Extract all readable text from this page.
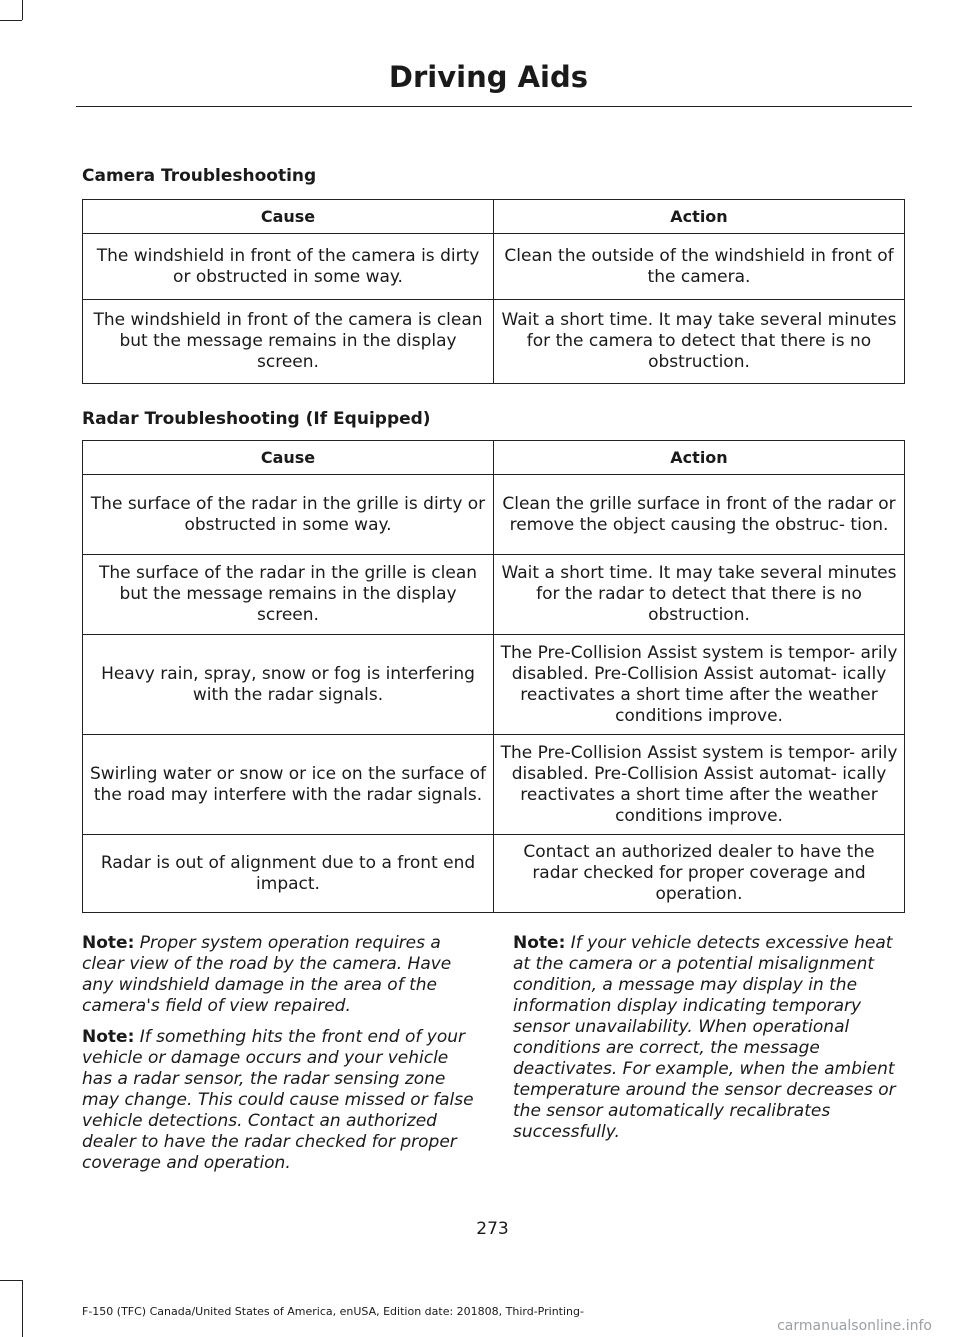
Driving Aids
Camera Troubleshooting
Cause	Action
The windshield in front of the camera is dirty or obstructed in some way.	Clean the outside of the windshield in front of the camera.
The windshield in front of the camera is clean but the message remains in the display screen.	Wait a short time. It may take several minutes for the camera to detect that there is no obstruction.
Radar Troubleshooting (If Equipped)
Cause	Action
The surface of the radar in the grille is dirty or obstructed in some way.	Clean the grille surface in front of the radar or remove the object causing the obstruc- tion.
The surface of the radar in the grille is clean but the message remains in the display screen.	Wait a short time. It may take several minutes for the radar to detect that there is no obstruction.
Heavy rain, spray, snow or fog is interfering with the radar signals.	The Pre-Collision Assist system is tempor- arily disabled. Pre-Collision Assist automat- ically reactivates a short time after the weather conditions improve.
Swirling water or snow or ice on the surface of the road may interfere with the radar signals.	The Pre-Collision Assist system is tempor- arily disabled. Pre-Collision Assist automat- ically reactivates a short time after the weather conditions improve.
Radar is out of alignment due to a front end impact.	Contact an authorized dealer to have the radar checked for proper coverage and operation.

Note: Proper system operation requires a clear view of the road by the camera. Have any windshield damage in the area of the camera's field of view repaired.

Note: If something hits the front end of your vehicle or damage occurs and your vehicle has a radar sensor, the radar sensing zone may change. This could cause missed or false vehicle detections. Contact an authorized dealer to have the radar checked for proper coverage and operation.

Note: If your vehicle detects excessive heat at the camera or a potential misalignment condition, a message may display in the information display indicating temporary sensor unavailability. When operational conditions are correct, the message deactivates. For example, when the ambient temperature around the sensor decreases or the sensor automatically recalibrates successfully.

273
F-150 (TFC) Canada/United States of America, enUSA, Edition date: 201808, Third-Printing-
carmanualsonline.info
